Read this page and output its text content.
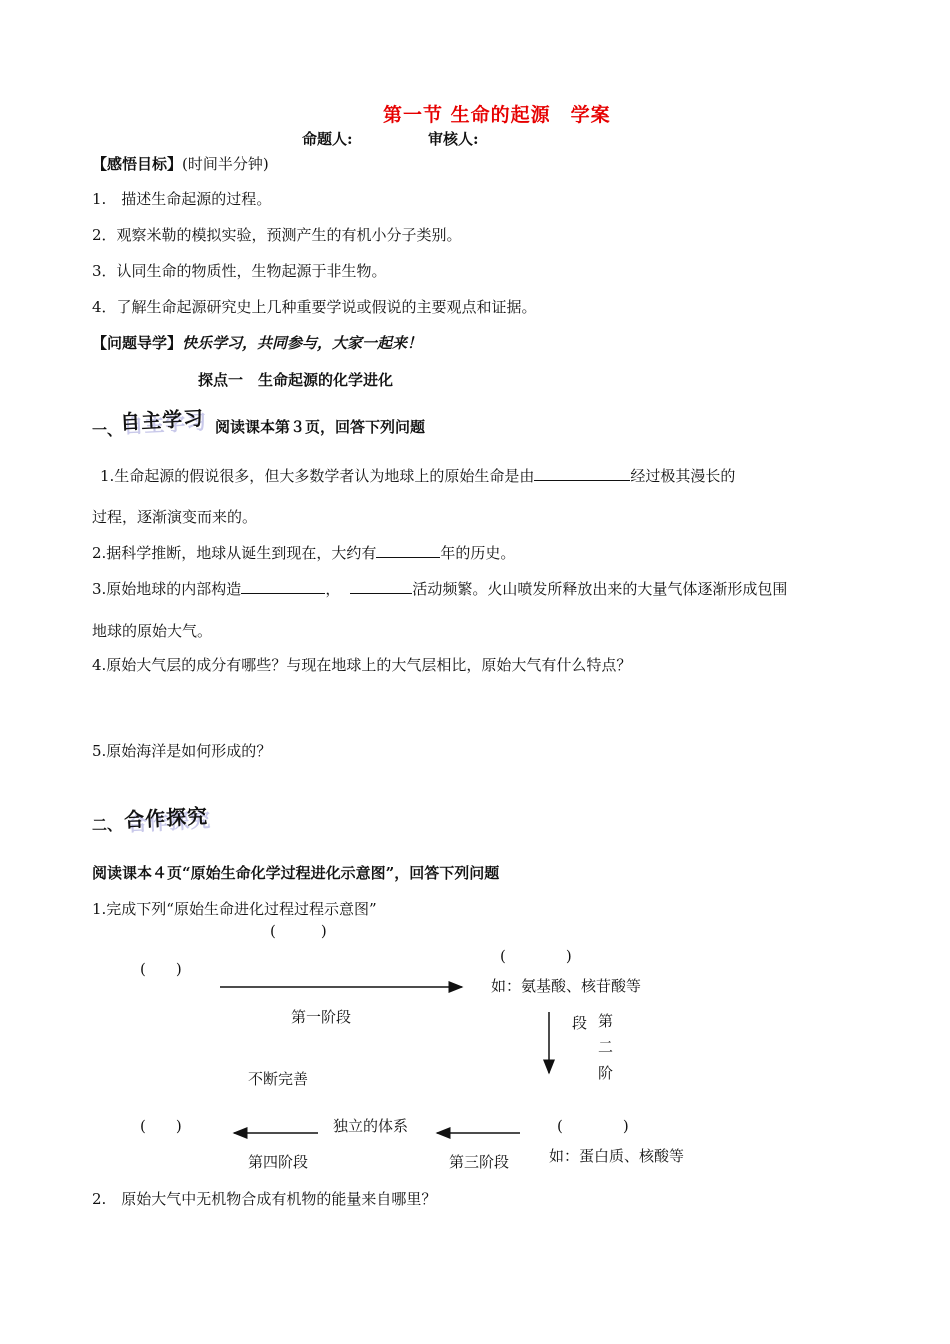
第一节 生命的起源　学案
命题人:	审核人:
【感悟目标】(时间半分钟)
1.　描述生命起源的过程。
2．观察米勒的模拟实验，预测产生的有机小分子类别。
3．认同生命的物质性，生物起源于非生物。
4．了解生命起源研究史上几种重要学说或假说的主要观点和证据。
【问题导学】快乐学习，共同参与，大家一起来！
探点一　生命起源的化学进化
一、
自主学习 阅读课本第３页，回答下列问题
1.生命起源的假说很多，但大多数学者认为地球上的原始生命是由	经过极其漫长的
过程，逐渐演变而来的。
2.据科学推断，地球从诞生到现在，大约有	年的历史。
3.原始地球的内部构造	，	活动频繁。火山喷发所释放出来的大量气体逐渐形成包围
地球的原始大气。
4.原始大气层的成分有哪些？与现在地球上的大气层相比，原始大气有什么特点？
5.原始海洋是如何形成的？
二、 合作探究
阅读课本４页“原始生命化学过程进化示意图”，回答下列问题
1.完成下列“原始生命进化过程过程示意图”
(　　　)
(　　)
(　　　　)
如：氨基酸、核苷酸等
第一阶段	段 第
二
阶
不断完善
(　　)	独立的体系	(　　　　)
第四阶段	第三阶段	如：蛋白质、核酸等
2.　原始大气中无机物合成有机物的能量来自哪里？
